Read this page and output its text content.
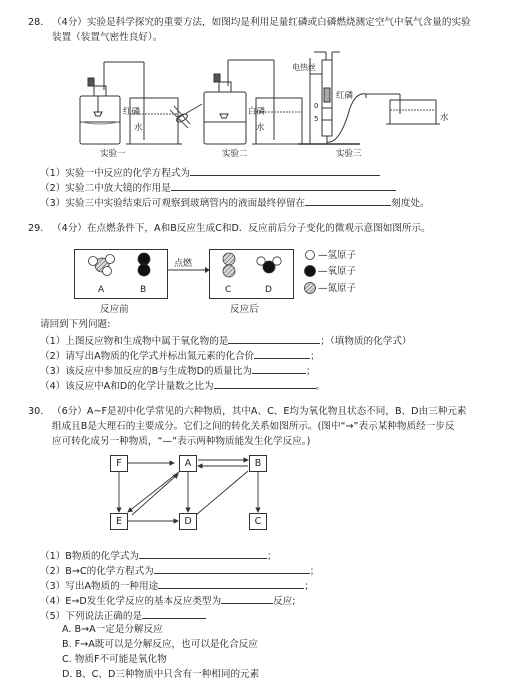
28. （4分）实验是科学探究的重要方法，如图均是利用足量红磷或白磷燃烧测定空气中氧气含量的实验
装置（装置气密性良好）。
红磷
水
实验一
白磷
水
实验二
电热丝
红磷
0
5	水
实验三
（1）实验一中反应的化学方程式为
（2）实验二中放大镜的作用是
（3）实验三中实验结束后可观察到玻璃管内的液面最终停留在	刻度处。
29. （4分）在点燃条件下，A和B反应生成C和D．反应前后分子变化的微观示意图如图所示。
A	B	C	D
点燃
—氢原子
—氧原子
—氮原子
反应前	反应后
请回到下列问题:
（1）上图反应物和生成物中属于氧化物的是	；（填物质的化学式）
（2）请写出A物质的化学式并标出氮元素的化合价	；
（3）该反应中参加反应的B与生成物D的质量比为	；
（4）该反应中A和D的化学计量数之比为	。
30. （6分）A~F是初中化学常见的六种物质，其中A、C、E均为氧化物且状态不同，B、D由三种元素
组成且B是大理石的主要成分。它们之间的转化关系如图所示。(图中“→”表示某种物质经一步反
应可转化成另一种物质，“—”表示两种物质能发生化学反应。)
F	A	B
E	D	C
（1）B物质的化学式为	；
（2）B→C的化学方程式为	；
（3）写出A物质的一种用途	；
（4）E→D发生化学反应的基本反应类型为	反应;
（5）下列说法正确的是
A. B→A一定是分解反应
B. F→A既可以是分解反应，也可以是化合反应
C. 物质F不可能是氧化物
D. B、C、D三种物质中只含有一种相同的元素
